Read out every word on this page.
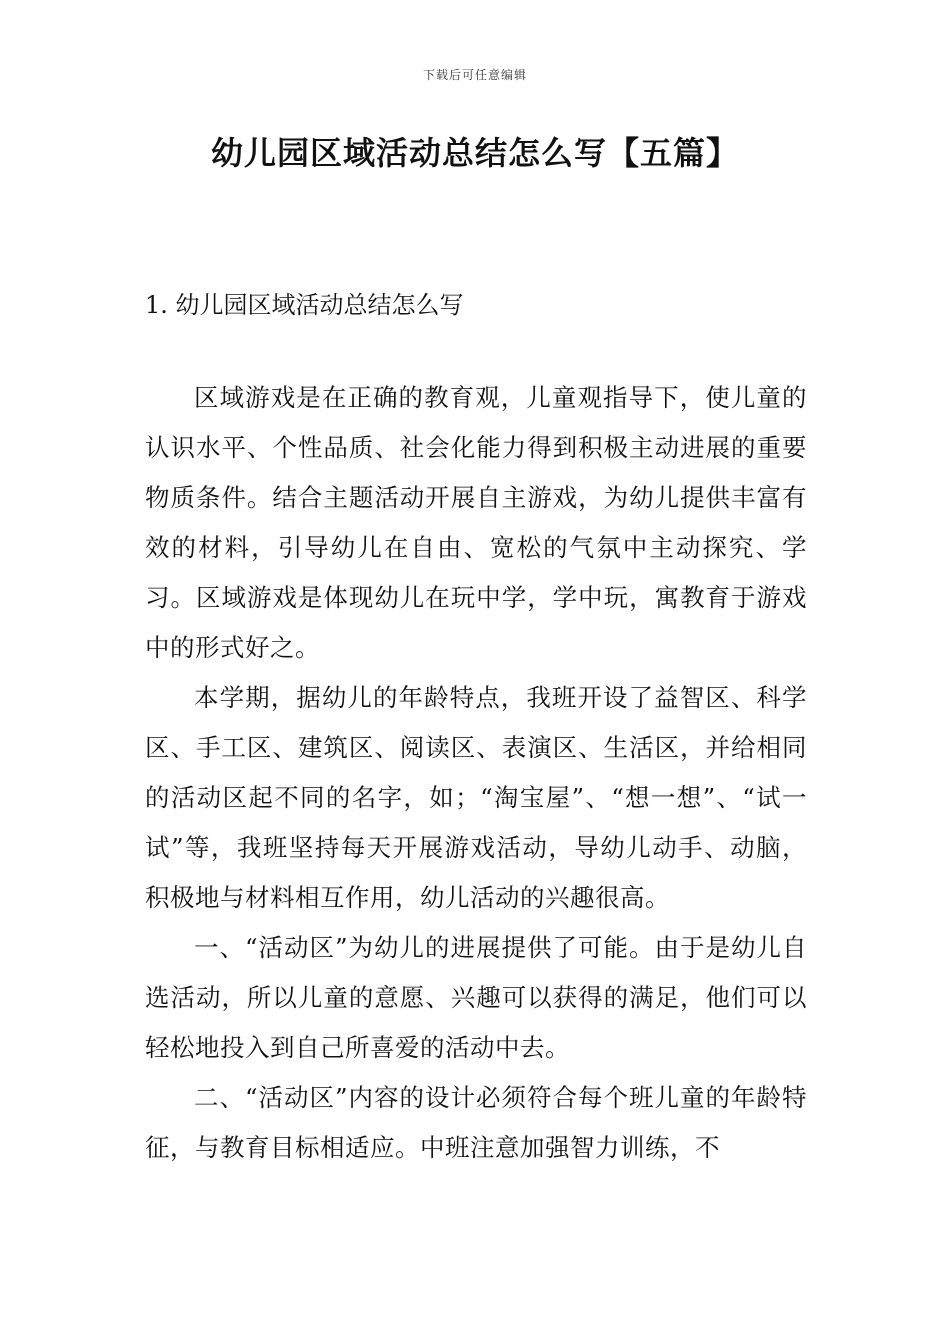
下载后可任意编辑
幼儿园区域活动总结怎么写【五篇】
1. 幼儿园区域活动总结怎么写

区域游戏是在正确的教育观，儿童观指导下，使儿童的认识水平、个性品质、社会化能力得到积极主动进展的重要物质条件。结合主题活动开展自主游戏，为幼儿提供丰富有效的材料，引导幼儿在自由、宽松的气氛中主动探究、学习。区域游戏是体现幼儿在玩中学，学中玩，寓教育于游戏中的形式好之。

本学期，据幼儿的年龄特点，我班开设了益智区、科学区、手工区、建筑区、阅读区、表演区、生活区，并给相同的活动区起不同的名字，如；“淘宝屋”、“想一想”、“试一试”等，我班坚持每天开展游戏活动，导幼儿动手、动脑，积极地与材料相互作用，幼儿活动的兴趣很高。

一、“活动区”为幼儿的进展提供了可能。由于是幼儿自选活动，所以儿童的意愿、兴趣可以获得的满足，他们可以轻松地投入到自己所喜爱的活动中去。

二、“活动区”内容的设计必须符合每个班儿童的年龄特征，与教育目标相适应。中班注意加强智力训练，不
